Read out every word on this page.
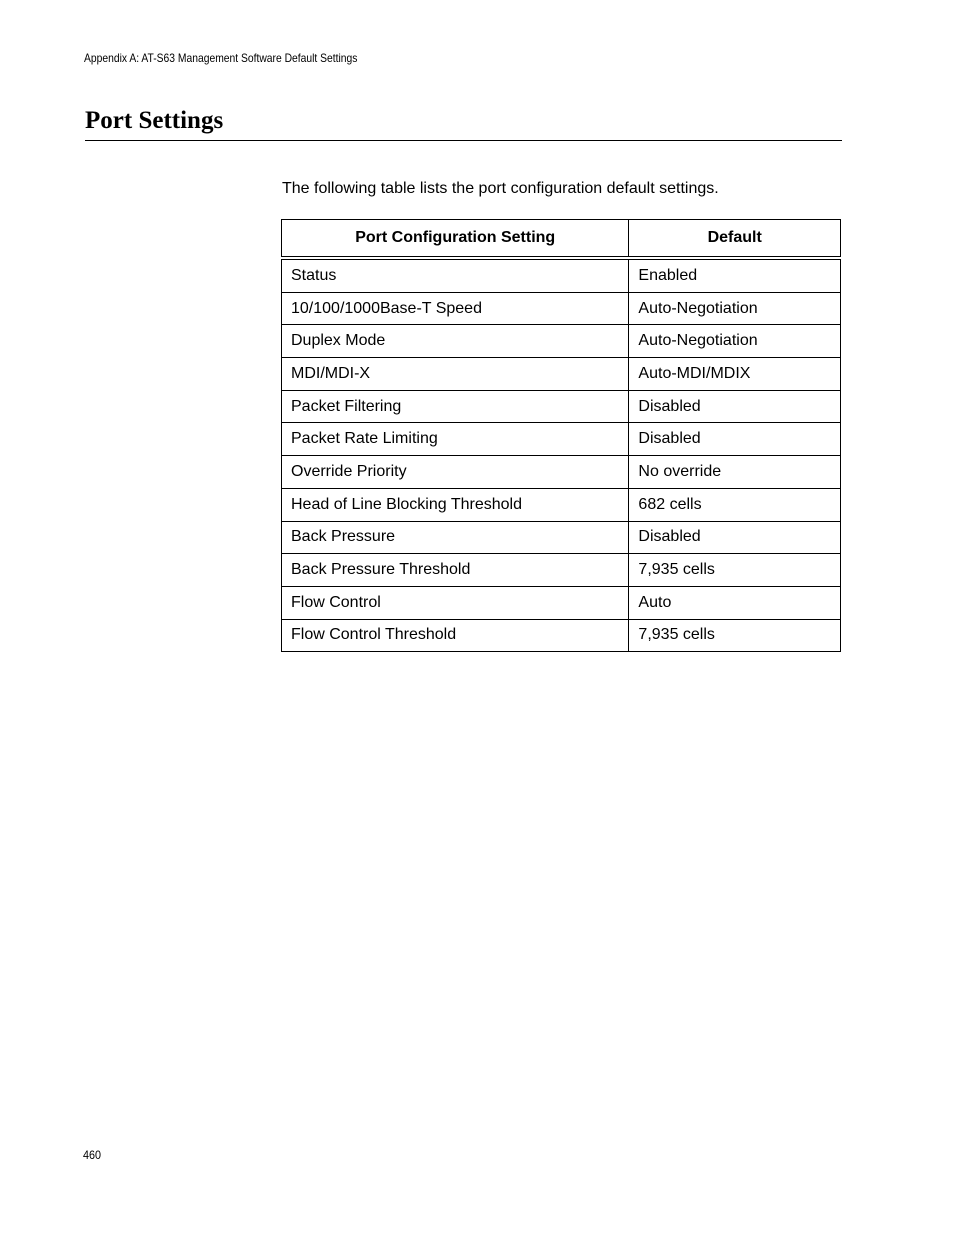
Appendix A: AT-S63 Management Software Default Settings
Port Settings

The following table lists the port configuration default settings.

Port Configuration Setting	Default
Status	Enabled
10/100/1000Base-T Speed	Auto-Negotiation
Duplex Mode	Auto-Negotiation
MDI/MDI-X	Auto-MDI/MDIX
Packet Filtering	Disabled
Packet Rate Limiting	Disabled
Override Priority	No override
Head of Line Blocking Threshold	682 cells
Back Pressure	Disabled
Back Pressure Threshold	7,935 cells
Flow Control	Auto
Flow Control Threshold	7,935 cells
460
